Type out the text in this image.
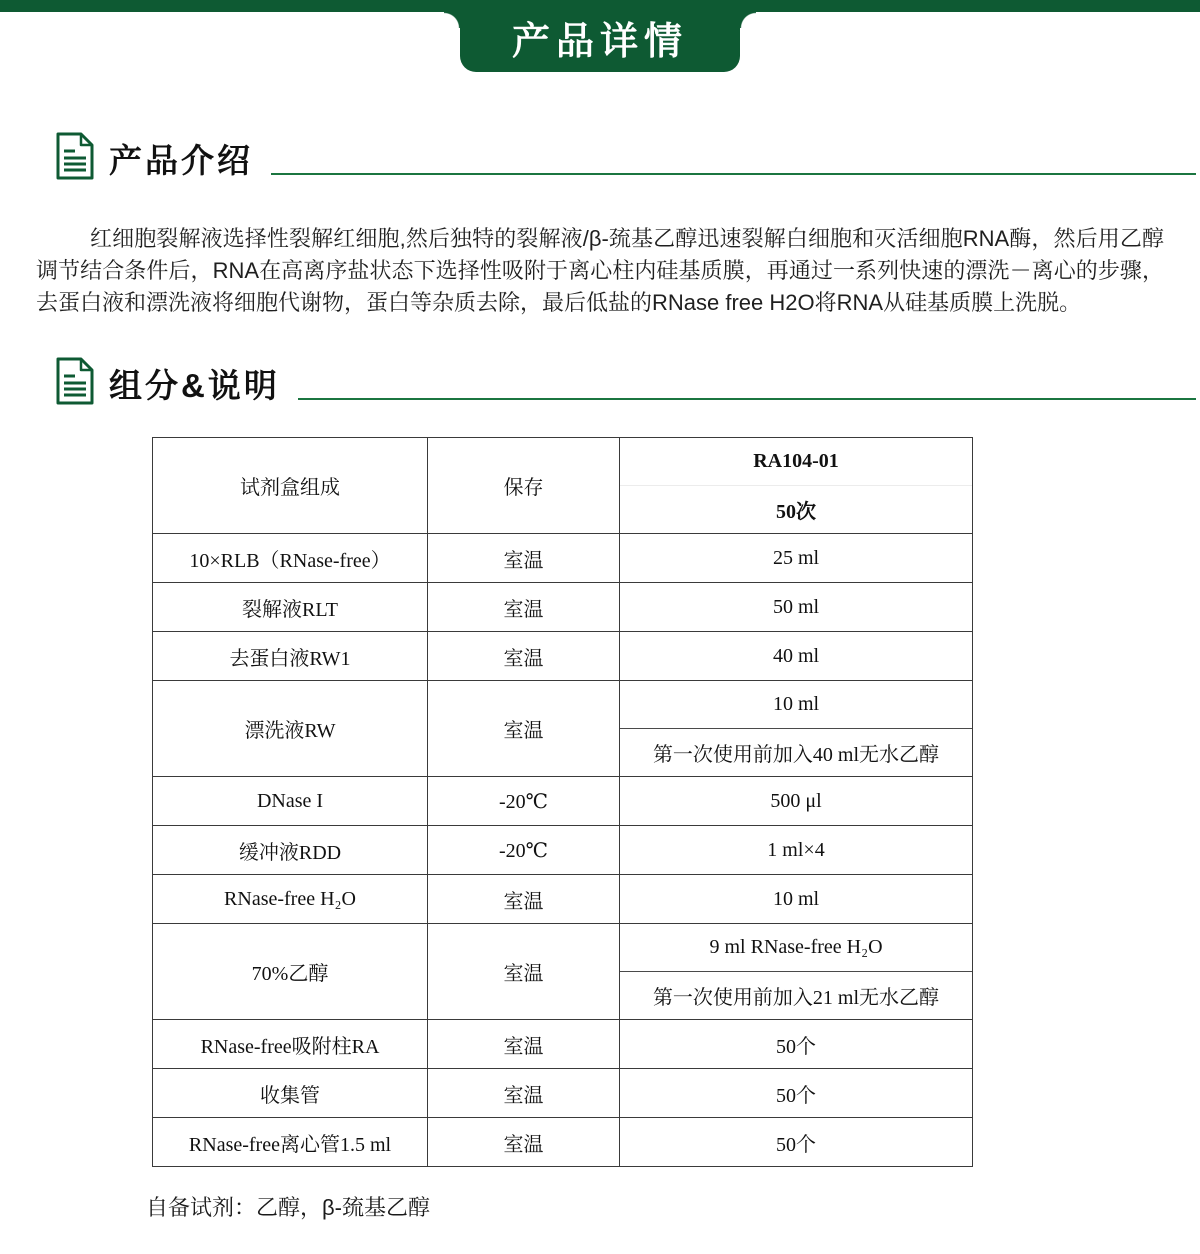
产品详情
产品介绍

红细胞裂解液选择性裂解红细胞,然后独特的裂解液/β-巯基乙醇迅速裂解白细胞和灭活细胞RNA酶，然后用乙醇调节结合条件后，RNA在高离序盐状态下选择性吸附于离心柱内硅基质膜，再通过一系列快速的漂洗－离心的步骤，去蛋白液和漂洗液将细胞代谢物，蛋白等杂质去除，最后低盐的RNase free H2O将RNA从硅基质膜上洗脱。

组分&说明
试剂盒组成	保存	RA104-01
50次

10×RLB（RNase-free）	室温	25 ml
裂解液RLT	室温	50 ml
去蛋白液RW1	室温	40 ml
漂洗液RW	室温	10 ml
第一次使用前加入40 ml无水乙醇

DNase I	-20℃	500 μl
缓冲液RDD	-20℃	1 ml×4
RNase-free H₂O	室温	10 ml
70%乙醇	室温	9 ml RNase-free H₂O
第一次使用前加入21 ml无水乙醇

RNase-free吸附柱RA	室温	50个
收集管	室温	50个
RNase-free离心管1.5 ml	室温	50个

自备试剂：乙醇，β-巯基乙醇
